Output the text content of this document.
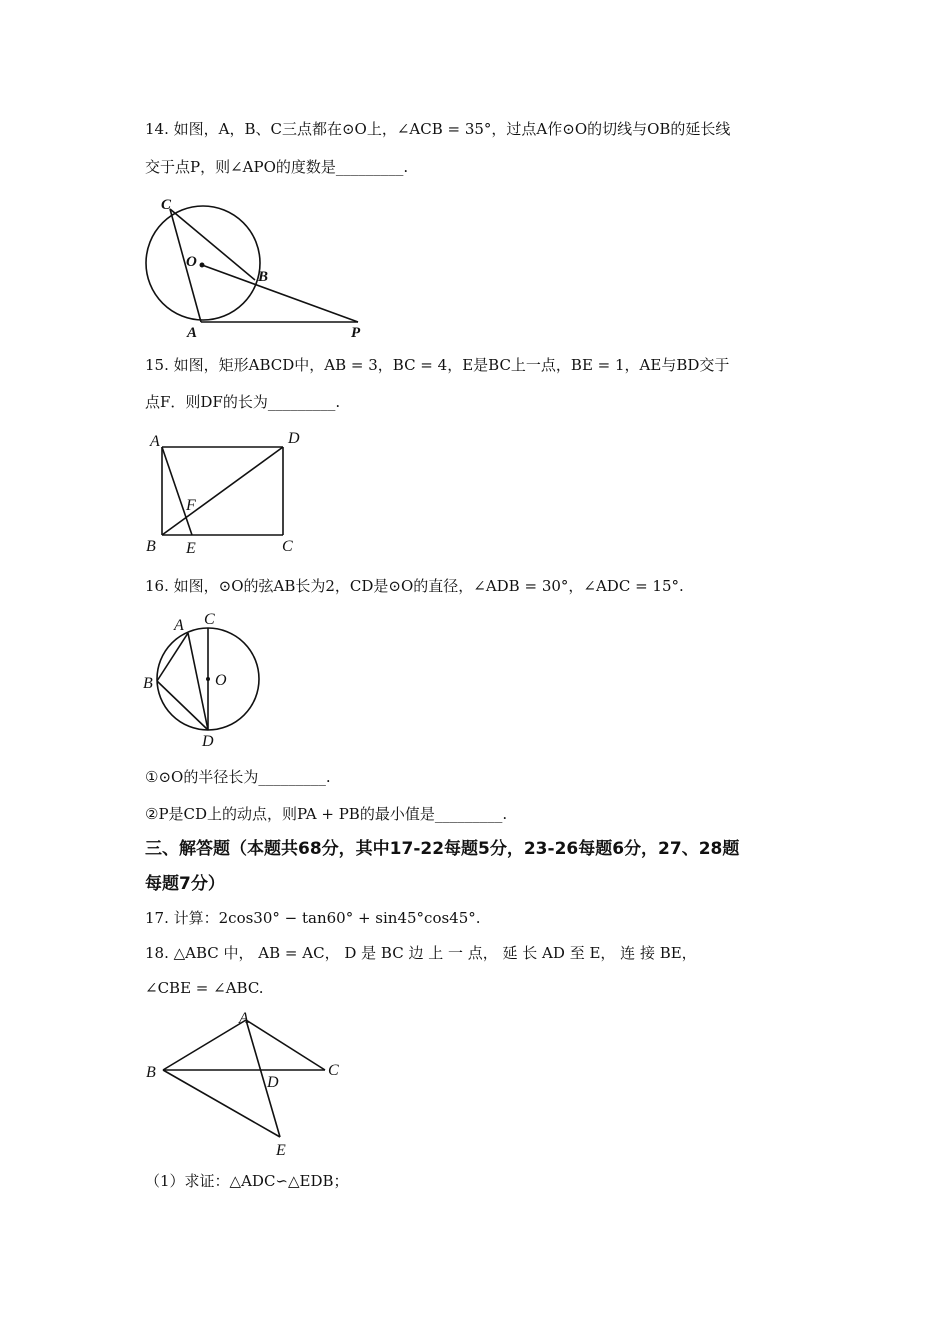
14. 如图，A，B、C三点都在⊙O上，∠ACB = 35°，过点A作⊙O的切线与OB的延长线
交于点P，则∠APO的度数是_________.
C
O
B
A	P
15. 如图，矩形ABCD中，AB = 3，BC = 4，E是BC上一点，BE = 1，AE与BD交于
点F．则DF的长为_________.
A	D
F
B E	C
16. 如图，⊙O的弦AB长为2，CD是⊙O的直径，∠ADB = 30°，∠ADC = 15°.
A C
O
B
D
①⊙O的半径长为_________.
②P是CD上的动点，则PA + PB的最小值是_________.
三、解答题（本题共68分，其中17-22每题5分，23-26每题6分，27、28题
每题7分）
17. 计算：2cos30° − tan60° + sin45°cos45°.
18. △ABC 中， AB = AC， D 是 BC 边 上 一 点， 延 长 AD 至 E， 连 接 BE，
∠CBE = ∠ABC.
A
B	C
D
E
（1）求证：△ADC∽△EDB；
